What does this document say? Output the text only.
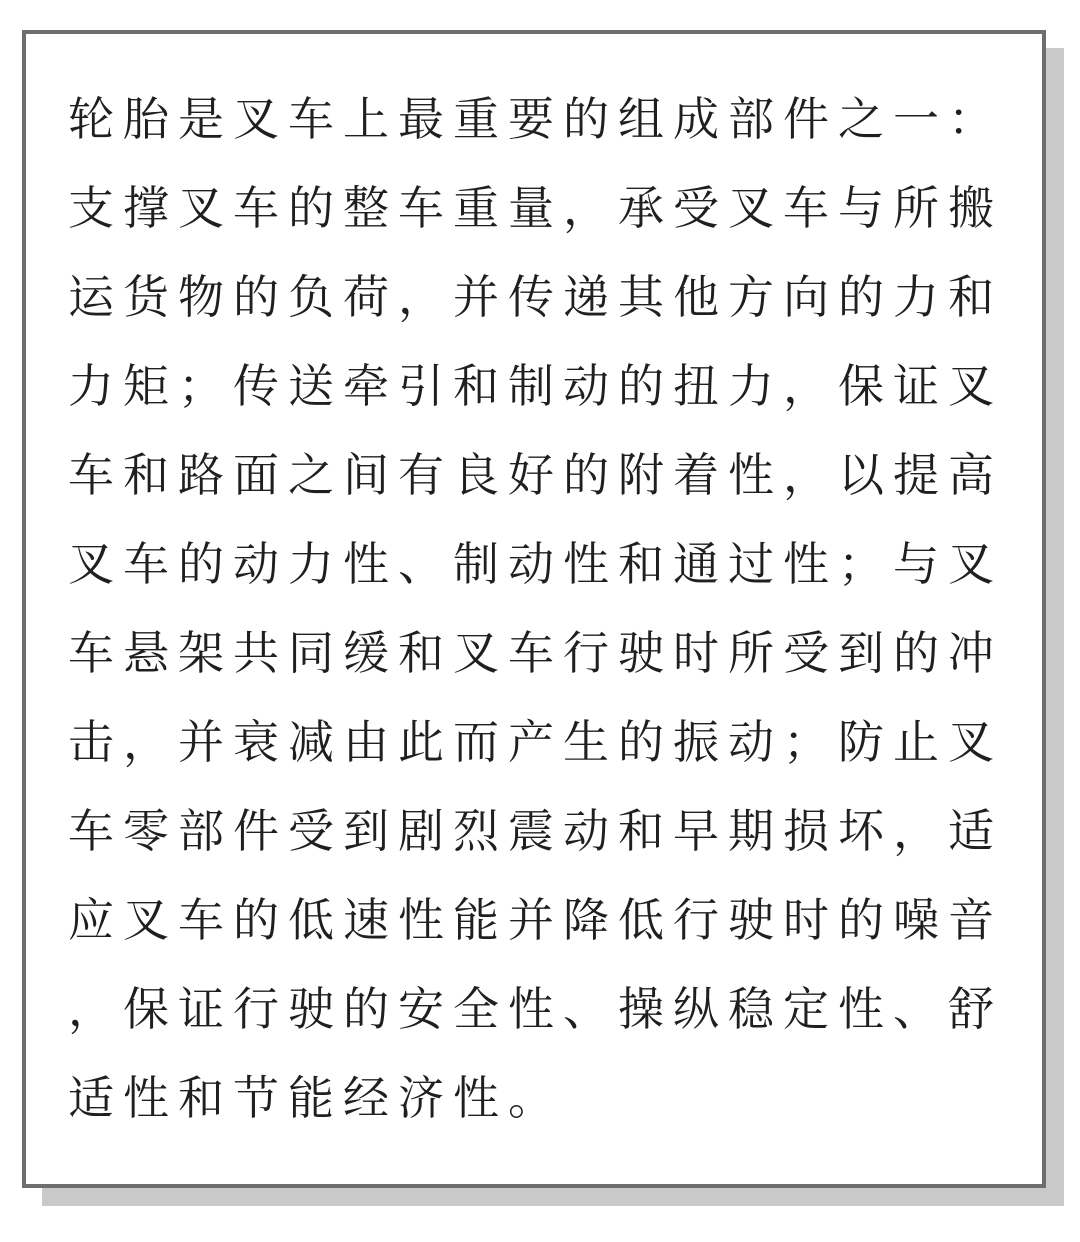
轮胎是叉车上最重要的组成部件之一：
支撑叉车的整车重量，承受叉车与所搬
运货物的负荷，并传递其他方向的力和
力矩；传送牵引和制动的扭力，保证叉
车和路面之间有良好的附着性，以提高
叉车的动力性、制动性和通过性；与叉
车悬架共同缓和叉车行驶时所受到的冲
击，并衰减由此而产生的振动；防止叉
车零部件受到剧烈震动和早期损坏，适
应叉车的低速性能并降低行驶时的噪音
，保证行驶的安全性、操纵稳定性、舒
适性和节能经济性。
